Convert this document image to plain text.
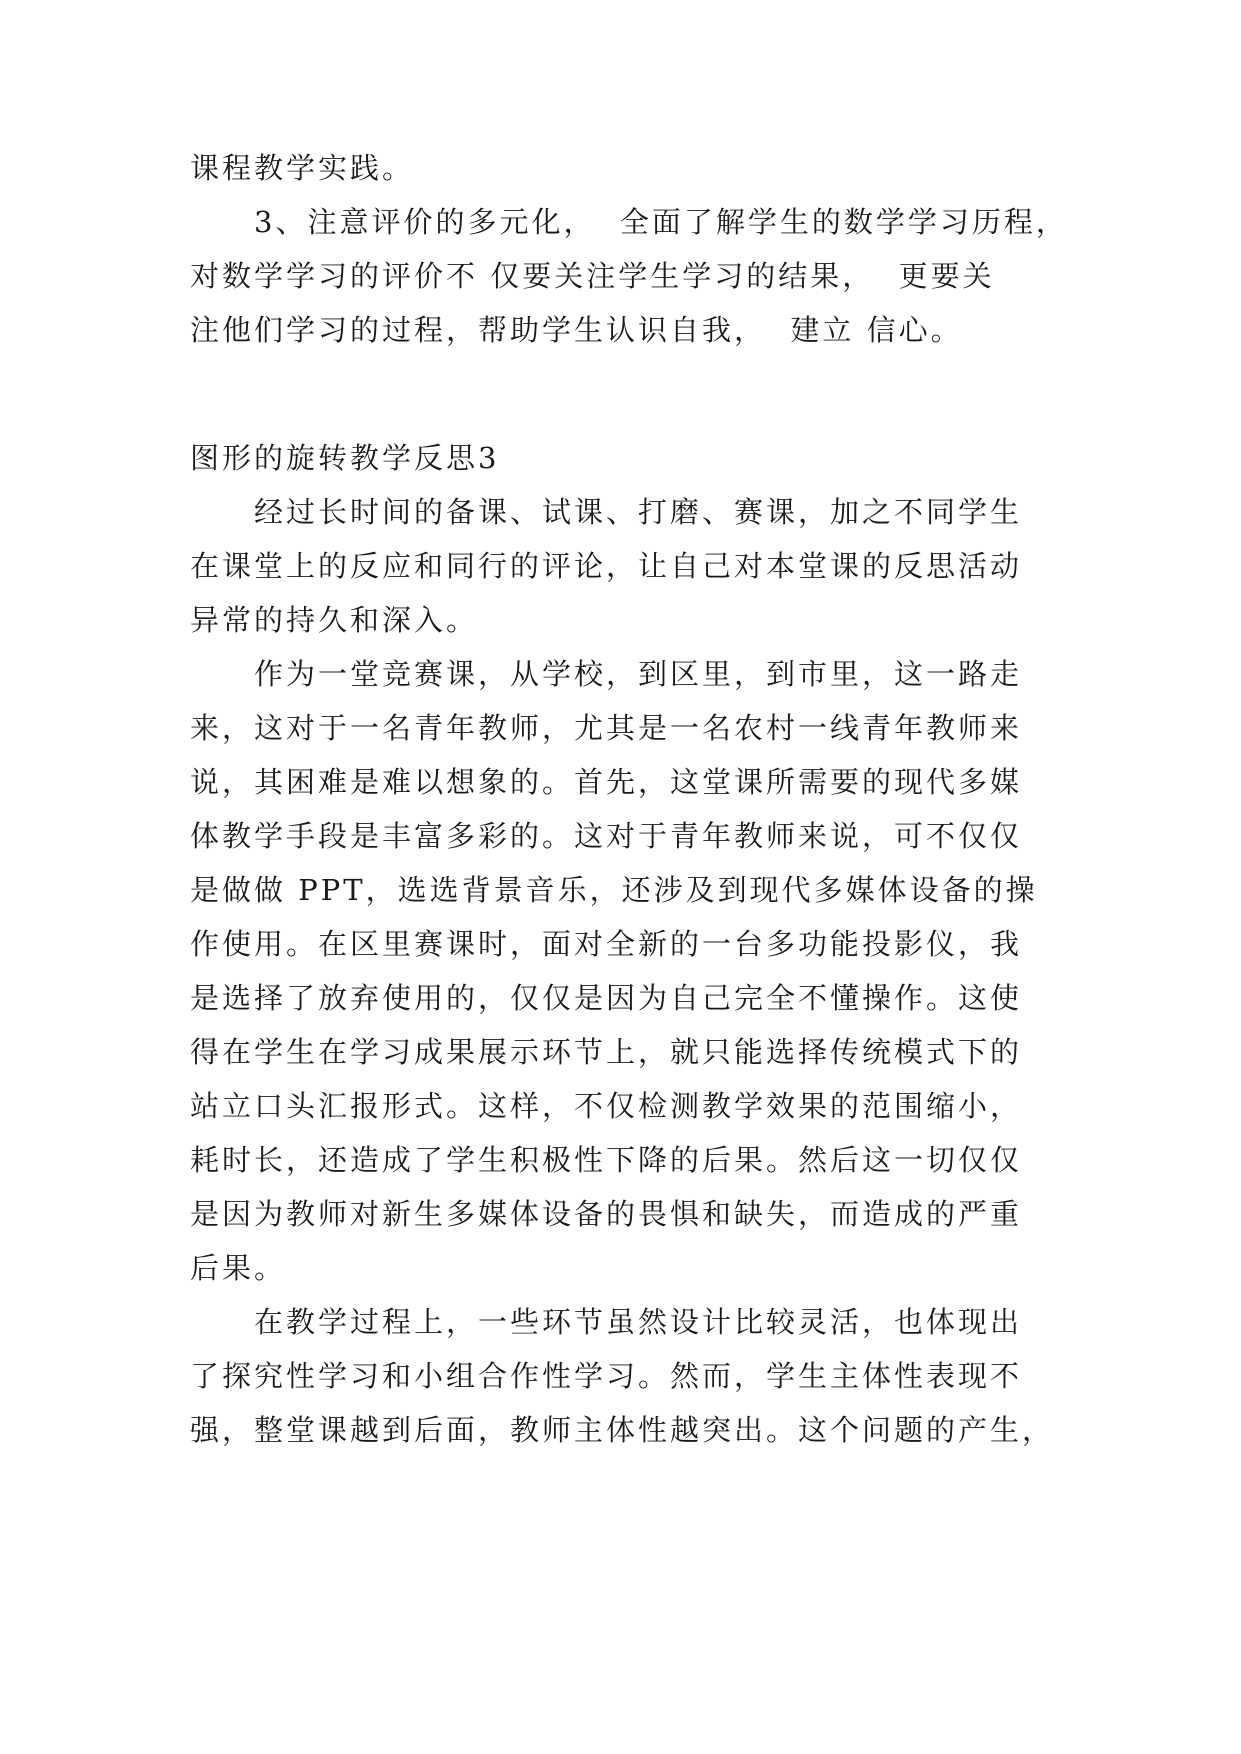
课程教学实践。
3、注意评价的多元化，  全面了解学生的数学学习历程，
对数学学习的评价不 仅要关注学生学习的结果，  更要关
注他们学习的过程，帮助学生认识自我，  建立 信心。
图形的旋转教学反思3
经过长时间的备课、试课、打磨、赛课，加之不同学生
在课堂上的反应和同行的评论，让自己对本堂课的反思活动
异常的持久和深入。
作为一堂竞赛课，从学校，到区里，到市里，这一路走
来，这对于一名青年教师，尤其是一名农村一线青年教师来
说，其困难是难以想象的。首先，这堂课所需要的现代多媒
体教学手段是丰富多彩的。这对于青年教师来说，可不仅仅
是做做 PPT，选选背景音乐，还涉及到现代多媒体设备的操
作使用。在区里赛课时，面对全新的一台多功能投影仪，我
是选择了放弃使用的，仅仅是因为自己完全不懂操作。这使
得在学生在学习成果展示环节上，就只能选择传统模式下的
站立口头汇报形式。这样，不仅检测教学效果的范围缩小，
耗时长，还造成了学生积极性下降的后果。然后这一切仅仅
是因为教师对新生多媒体设备的畏惧和缺失，而造成的严重
后果。
在教学过程上，一些环节虽然设计比较灵活，也体现出
了探究性学习和小组合作性学习。然而，学生主体性表现不
强，整堂课越到后面，教师主体性越突出。这个问题的产生，
